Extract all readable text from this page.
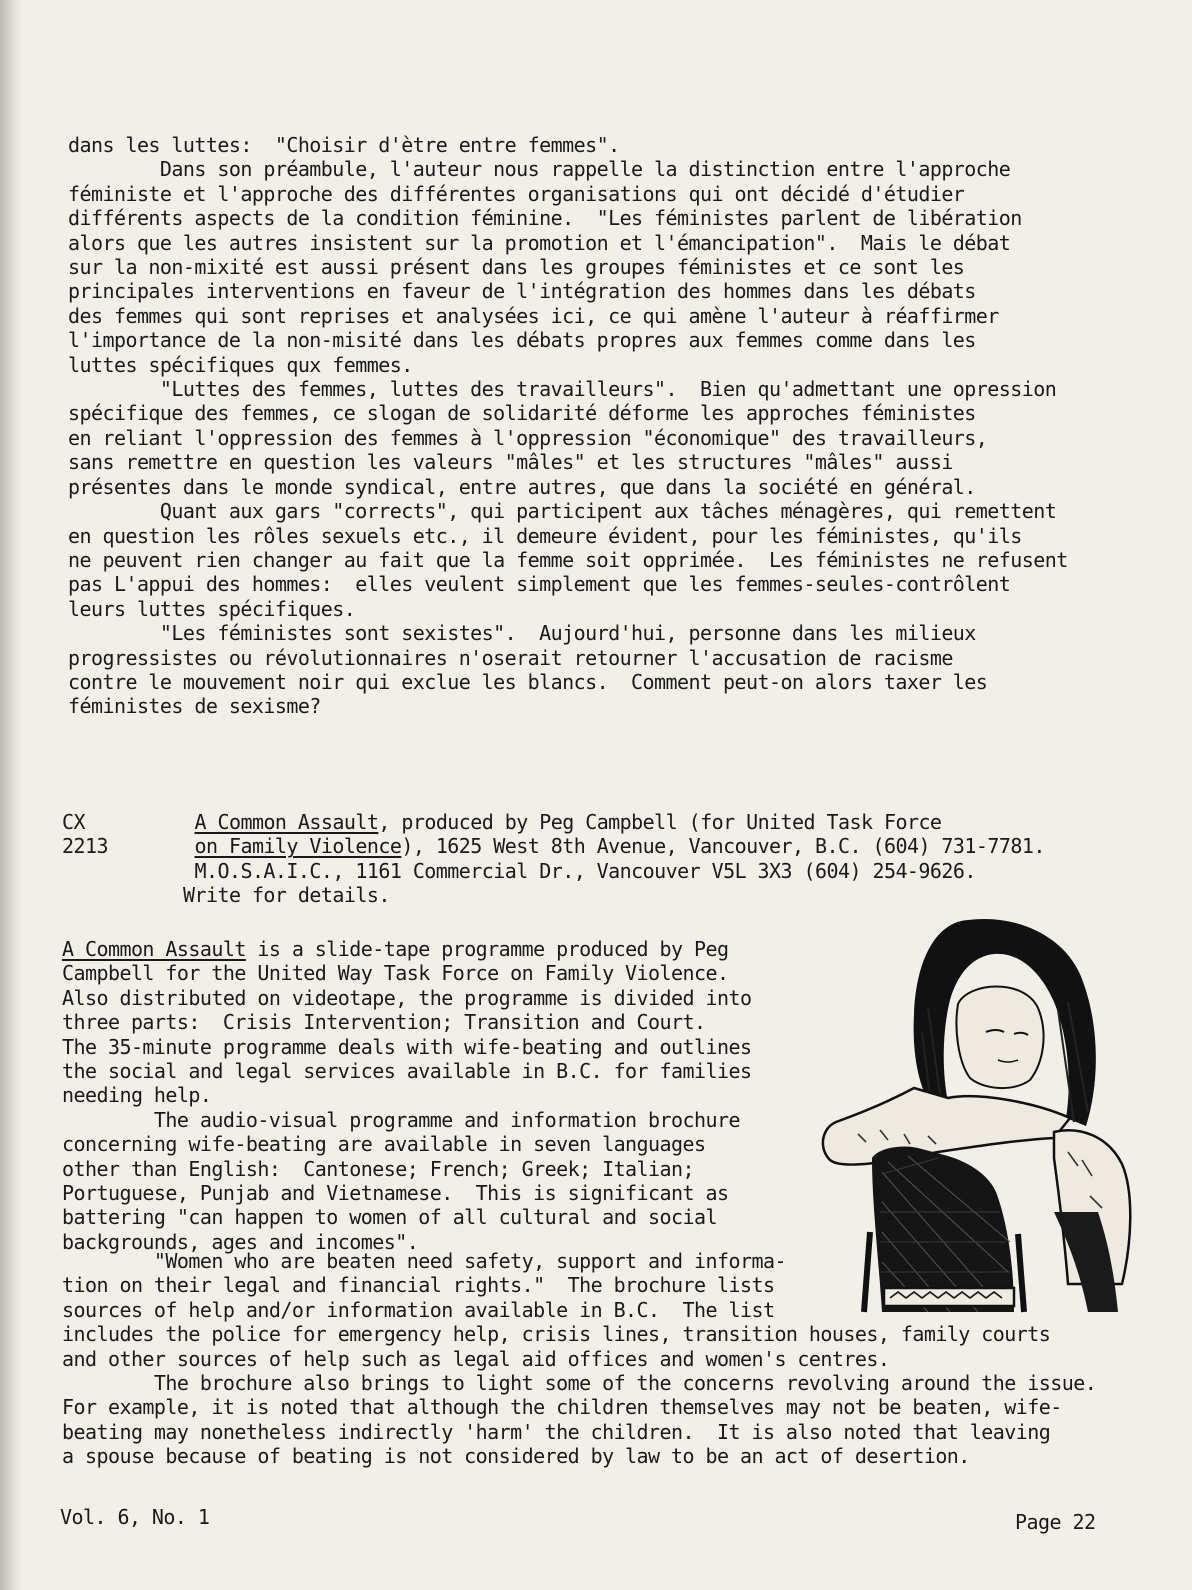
dans les luttes:  "Choisir d'ètre entre femmes".
Dans son préambule, l'auteur nous rappelle la distinction entre l'approche
féministe et l'approche des différentes organisations qui ont décidé d'étudier
différents aspects de la condition féminine.  "Les féministes parlent de libération
alors que les autres insistent sur la promotion et l'émancipation".  Mais le débat
sur la non-mixité est aussi présent dans les groupes féministes et ce sont les
principales interventions en faveur de l'intégration des hommes dans les débats
des femmes qui sont reprises et analysées ici, ce qui amène l'auteur à réaffirmer
l'importance de la non-misité dans les débats propres aux femmes comme dans les
luttes spécifiques qux femmes.
"Luttes des femmes, luttes des travailleurs".  Bien qu'admettant une opression
spécifique des femmes, ce slogan de solidarité déforme les approches féministes
en reliant l'oppression des femmes à l'oppression "économique" des travailleurs,
sans remettre en question les valeurs "mâles" et les structures "mâles" aussi
présentes dans le monde syndical, entre autres, que dans la société en général.
Quant aux gars "corrects", qui participent aux tâches ménagères, qui remettent
en question les rôles sexuels etc., il demeure évident, pour les féministes, qu'ils
ne peuvent rien changer au fait que la femme soit opprimée.  Les féministes ne refusent
pas L'appui des hommes:  elles veulent simplement que les femmes-seules-contrôlent
leurs luttes spécifiques.
"Les féministes sont sexistes".  Aujourd'hui, personne dans les milieux
progressistes ou révolutionnaires n'oserait retourner l'accusation de racisme
contre le mouvement noir qui exclue les blancs.  Comment peut-on alors taxer les
féministes de sexisme?
CX
2213
A Common Assault, produced by Peg Campbell (for United Task Force
on Family Violence), 1625 West 8th Avenue, Vancouver, B.C. (604) 731-7781.
M.O.S.A.I.C., 1161 Commercial Dr., Vancouver V5L 3X3 (604) 254-9626.
Write for details.
A Common Assault is a slide-tape programme produced by Peg
Campbell for the United Way Task Force on Family Violence.
Also distributed on videotape, the programme is divided into
three parts:  Crisis Intervention; Transition and Court.
The 35-minute programme deals with wife-beating and outlines
the social and legal services available in B.C. for families
needing help.
The audio-visual programme and information brochure
concerning wife-beating are available in seven languages
other than English:  Cantonese; French; Greek; Italian;
Portuguese, Punjab and Vietnamese.  This is significant as
battering "can happen to women of all cultural and social
backgrounds, ages and incomes".
"Women who are beaten need safety, support and informa-
tion on their legal and financial rights."  The brochure lists
sources of help and/or information available in B.C.  The list
includes the police for emergency help, crisis lines, transition houses, family courts
and other sources of help such as legal aid offices and women's centres.
The brochure also brings to light some of the concerns revolving around the issue.
For example, it is noted that although the children themselves may not be beaten, wife-
beating may nonetheless indirectly 'harm' the children.  It is also noted that leaving
a spouse because of beating is not considered by law to be an act of desertion.
Vol. 6, No. 1	Page 22
